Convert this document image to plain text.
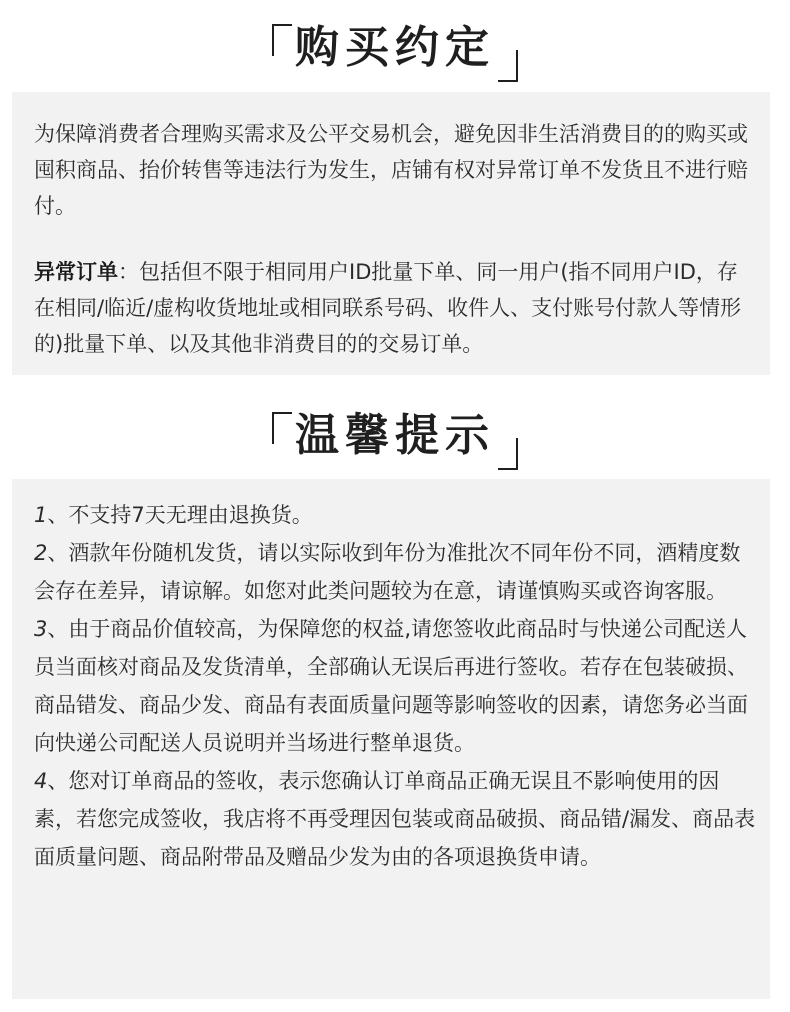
购买约定

为保障消费者合理购买需求及公平交易机会，避免因非生活消费目的的购买或囤积商品、抬价转售等违法行为发生，店铺有权对异常订单不发货且不进行赔付。

异常订单：包括但不限于相同用户ID批量下单、同一用户(指不同用户ID，存在相同/临近/虚构收货地址或相同联系号码、收件人、支付账号付款人等情形的)批量下单、以及其他非消费目的的交易订单。

温馨提示
1、不支持7天无理由退换货。
2、酒款年份随机发货，请以实际收到年份为准批次不同年份不同，酒精度数会存在差异，请谅解。如您对此类问题较为在意，请谨慎购买或咨询客服。
3、由于商品价值较高，为保障您的权益,请您签收此商品时与快递公司配送人员当面核对商品及发货清单，全部确认无误后再进行签收。若存在包装破损、商品错发、商品少发、商品有表面质量问题等影响签收的因素，请您务必当面向快递公司配送人员说明并当场进行整单退货。
4、您对订单商品的签收，表示您确认订单商品正确无误且不影响使用的因素，若您完成签收，我店将不再受理因包装或商品破损、商品错/漏发、商品表面质量问题、商品附带品及赠品少发为由的各项退换货申请。
